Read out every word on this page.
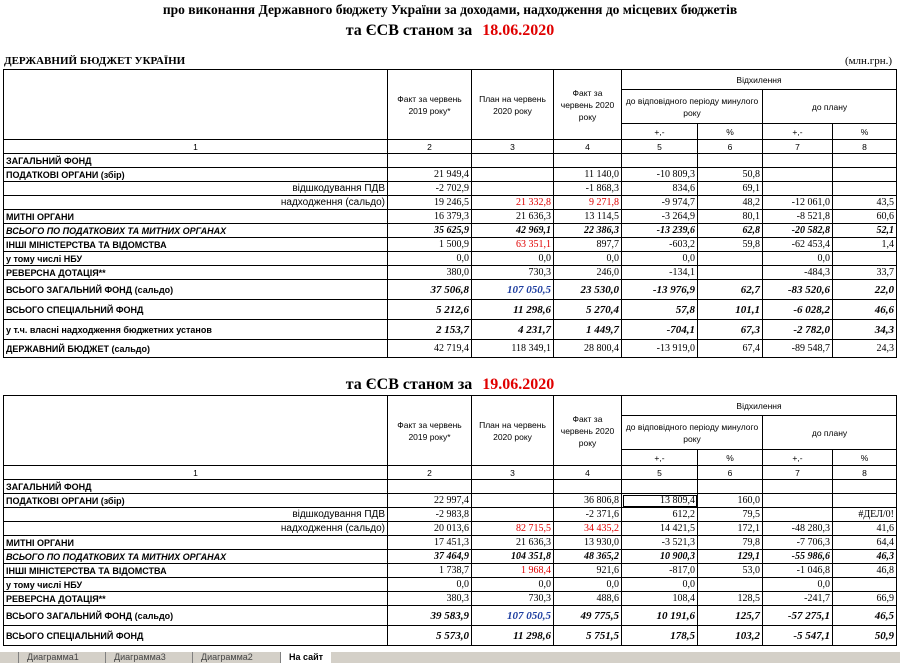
про виконання Державного бюджету України за доходами, надходження до місцевих бюджетів
та ЄСВ станом за 18.06.2020
ДЕРЖАВНИЙ БЮДЖЕТ УКРАЇНИ	(млн.грн.)
	Факт за червень 2019 року*	План на червень 2020 року	Факт за червень 2020 року	Відхилення			
				до відповідного періоду минулого року		до плану	
				+,-	%	+,-	%
1	2	3	4	5	6	7	8
ЗАГАЛЬНИЙ ФОНД							
ПОДАТКОВІ ОРГАНИ (збір)	21 949,4		11 140,0	-10 809,3	50,8		
відшкодування ПДВ	-2 702,9		-1 868,3	834,6	69,1		
надходження (сальдо)	19 246,5	21 332,8	9 271,8	-9 974,7	48,2	-12 061,0	43,5
МИТНІ ОРГАНИ	16 379,3	21 636,3	13 114,5	-3 264,9	80,1	-8 521,8	60,6
ВСЬОГО ПО ПОДАТКОВИХ ТА МИТНИХ ОРГАНАХ	35 625,9	42 969,1	22 386,3	-13 239,6	62,8	-20 582,8	52,1
ІНШІ МІНІСТЕРСТВА ТА ВІДОМСТВА	1 500,9	63 351,1	897,7	-603,2	59,8	-62 453,4	1,4
у тому числі НБУ	0,0	0,0	0,0	0,0		0,0	
РЕВЕРСНА ДОТАЦІЯ**	380,0	730,3	246,0	-134,1		-484,3	33,7
ВСЬОГО ЗАГАЛЬНИЙ ФОНД (сальдо)	37 506,8	107 050,5	23 530,0	-13 976,9	62,7	-83 520,6	22,0
ВСЬОГО СПЕЦІАЛЬНИЙ ФОНД	5 212,6	11 298,6	5 270,4	57,8	101,1	-6 028,2	46,6
у т.ч. власні надходження бюджетних установ	2 153,7	4 231,7	1 449,7	-704,1	67,3	-2 782,0	34,3
ДЕРЖАВНИЙ БЮДЖЕТ (сальдо)	42 719,4	118 349,1	28 800,4	-13 919,0	67,4	-89 548,7	24,3
та ЄСВ станом за 19.06.2020
	Факт за червень 2019 року*	План на червень 2020 року	Факт за червень 2020 року	Відхилення			
				до відповідного періоду минулого року		до плану	
				+,-	%	+,-	%
1	2	3	4	5	6	7	8
ЗАГАЛЬНИЙ ФОНД							
ПОДАТКОВІ ОРГАНИ (збір)	22 997,4		36 806,8	13 809,4	160,0		
відшкодування ПДВ	-2 983,8		-2 371,6	612,2	79,5		#ДЕЛ/0!
надходження (сальдо)	20 013,6	82 715,5	34 435,2	14 421,5	172,1	-48 280,3	41,6
МИТНІ ОРГАНИ	17 451,3	21 636,3	13 930,0	-3 521,3	79,8	-7 706,3	64,4
ВСЬОГО ПО ПОДАТКОВИХ ТА МИТНИХ ОРГАНАХ	37 464,9	104 351,8	48 365,2	10 900,3	129,1	-55 986,6	46,3
ІНШІ МІНІСТЕРСТВА ТА ВІДОМСТВА	1 738,7	1 968,4	921,6	-817,0	53,0	-1 046,8	46,8
у тому числі НБУ	0,0	0,0	0,0	0,0		0,0	
РЕВЕРСНА ДОТАЦІЯ**	380,3	730,3	488,6	108,4	128,5	-241,7	66,9
ВСЬОГО ЗАГАЛЬНИЙ ФОНД (сальдо)	39 583,9	107 050,5	49 775,5	10 191,6	125,7	-57 275,1	46,5
ВСЬОГО СПЕЦІАЛЬНИЙ ФОНД	5 573,0	11 298,6	5 751,5	178,5	103,2	-5 547,1	50,9
Диаграмма1	Диаграмма3	Диаграмма2	На сайт
